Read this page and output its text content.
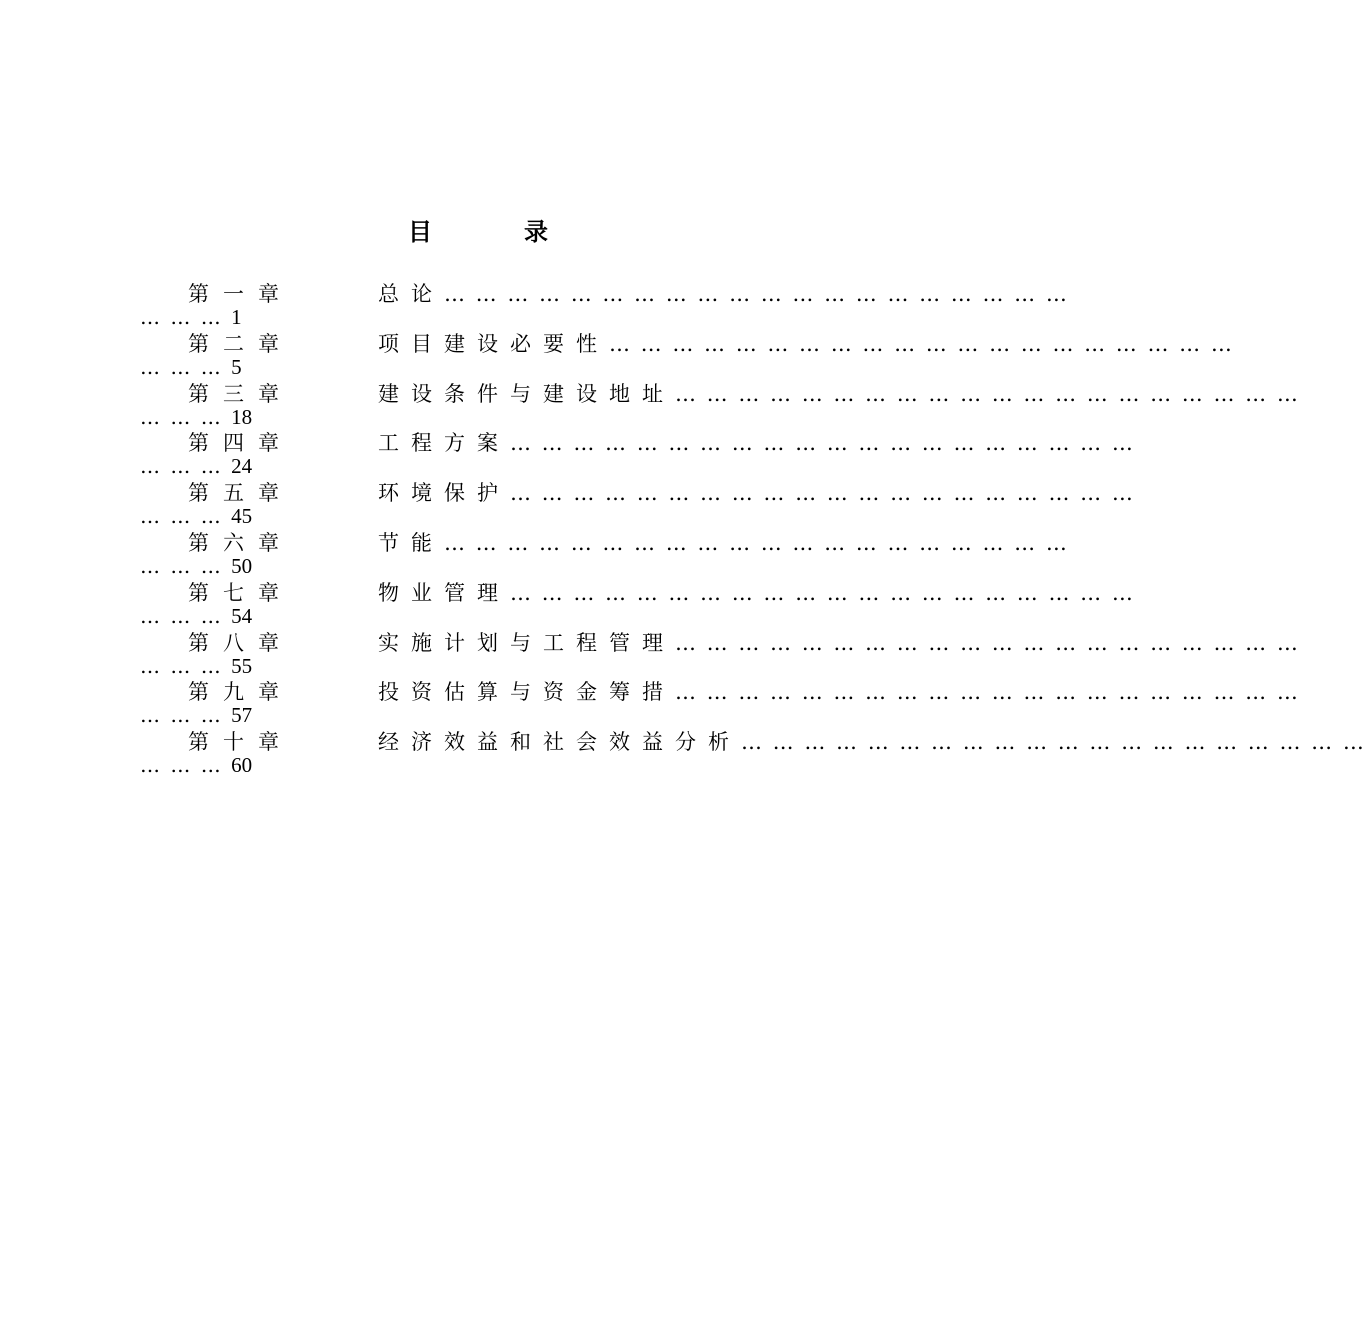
目　录
第一章	总论… … … … … … … … … … … … … … … … … … … …
… … … 1
第二章	项目建设必要性… … … … … … … … … … … … … … … … … … … …
… … … 5
第三章	建设条件与建设地址… … … … … … … … … … … … … … … … … … … …
… … … 18
第四章	工程方案… … … … … … … … … … … … … … … … … … … …
… … … 24
第五章	环境保护… … … … … … … … … … … … … … … … … … … …
… … … 45
第六章	节能… … … … … … … … … … … … … … … … … … … …
… … … 50
第七章	物业管理… … … … … … … … … … … … … … … … … … … …
… … … 54
第八章	实施计划与工程管理… … … … … … … … … … … … … … … … … … … …
… … … 55
第九章	投资估算与资金筹措… … … … … … … … … … … … … … … … … … … …
… … … 57
第十章	经济效益和社会效益分析… … … … … … … … … … … … … … … … … … … …
… … … 60
